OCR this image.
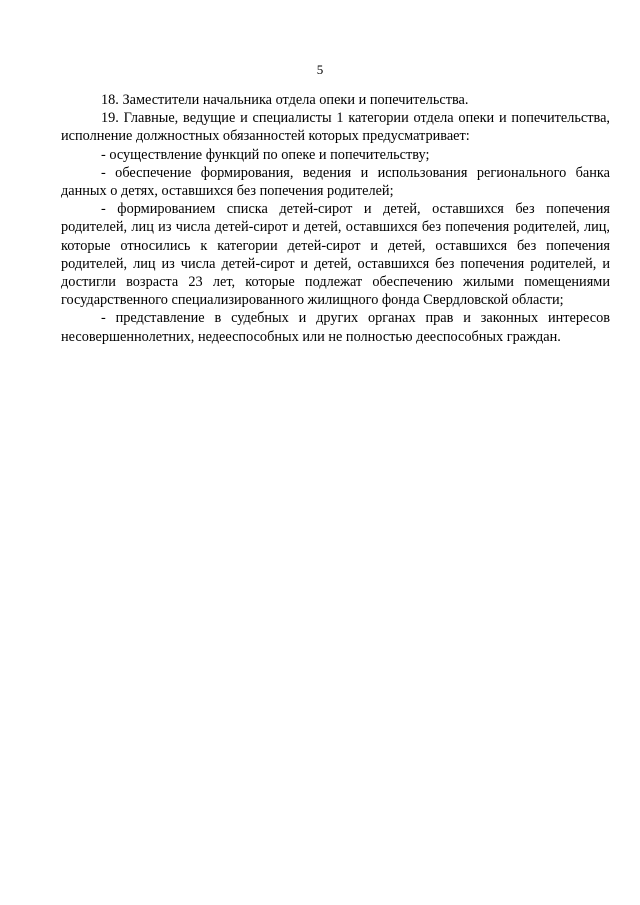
5

18. Заместители начальника отдела опеки и попечительства.

19. Главные, ведущие и специалисты 1 категории отдела опеки и попечительства, исполнение должностных обязанностей которых предусматривает:

- осуществление функций по опеке и попечительству;

- обеспечение формирования, ведения и использования регионального банка данных о детях, оставшихся без попечения родителей;

- формированием списка детей-сирот и детей, оставшихся без попечения родителей, лиц из числа детей-сирот и детей, оставшихся без попечения родителей, лиц, которые относились к категории детей-сирот и детей, оставшихся без попечения родителей, лиц из числа детей-сирот и детей, оставшихся без попечения родителей, и достигли возраста 23 лет, которые подлежат обеспечению жилыми помещениями государственного специализированного жилищного фонда Свердловской области;

- представление в судебных и других органах прав и законных интересов несовершеннолетних, недееспособных или не полностью дееспособных граждан.
